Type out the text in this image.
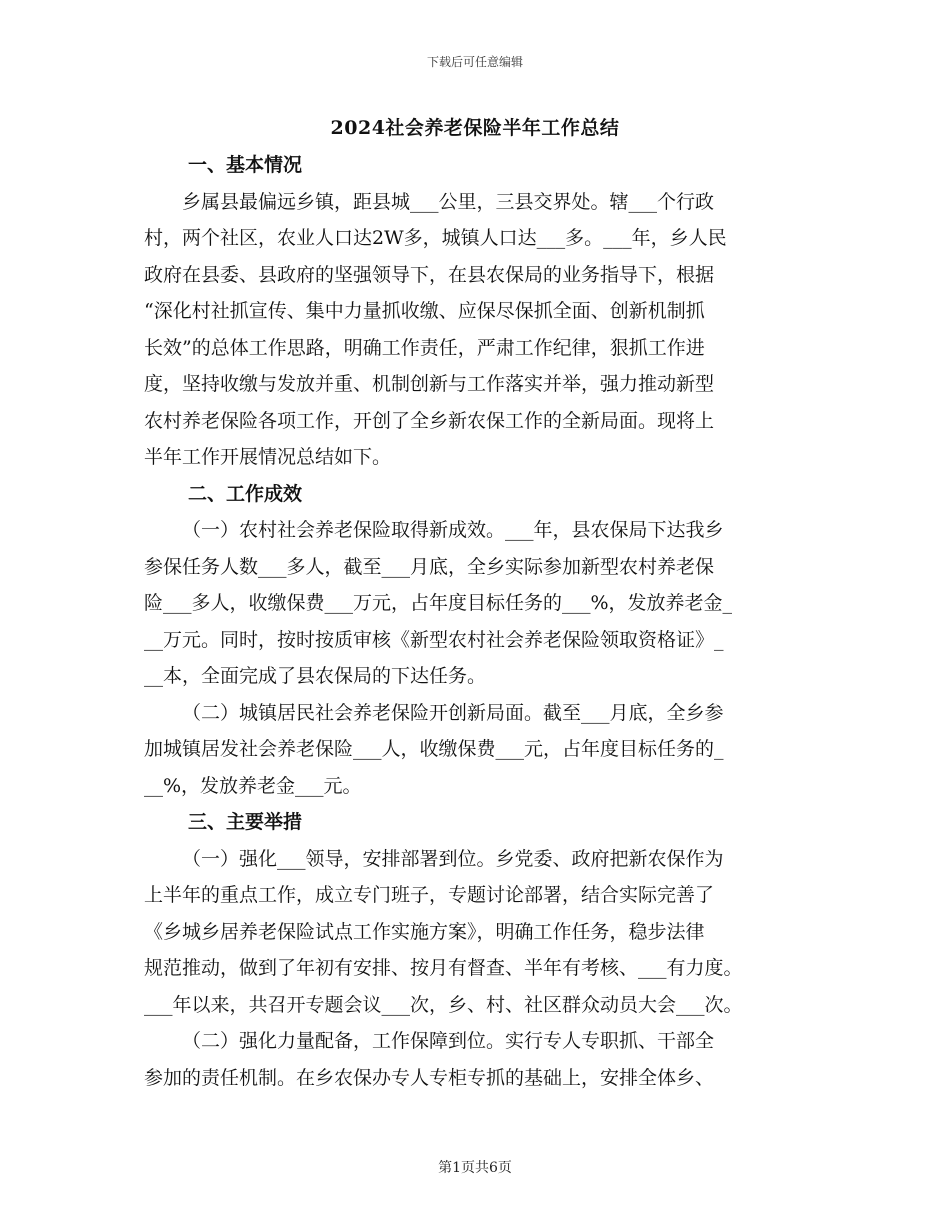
下载后可任意编辑
2024社会养老保险半年工作总结
一、基本情况
乡属县最偏远乡镇，距县城___公里，三县交界处。辖___个行政
村，两个社区，农业人口达2W多，城镇人口达___多。___年，乡人民
政府在县委、县政府的坚强领导下，在县农保局的业务指导下，根据
“深化村社抓宣传、集中力量抓收缴、应保尽保抓全面、创新机制抓
长效”的总体工作思路，明确工作责任，严肃工作纪律，狠抓工作进
度，坚持收缴与发放并重、机制创新与工作落实并举，强力推动新型
农村养老保险各项工作，开创了全乡新农保工作的全新局面。现将上
半年工作开展情况总结如下。
二、工作成效
（一）农村社会养老保险取得新成效。___年，县农保局下达我乡
参保任务人数___多人，截至___月底，全乡实际参加新型农村养老保
险___多人，收缴保费___万元，占年度目标任务的___%，发放养老金_
__万元。同时，按时按质审核《新型农村社会养老保险领取资格证》_
__本，全面完成了县农保局的下达任务。
（二）城镇居民社会养老保险开创新局面。截至___月底，全乡参
加城镇居发社会养老保险___人，收缴保费___元，占年度目标任务的_
__%，发放养老金___元。
三、主要举措
（一）强化___领导，安排部署到位。乡党委、政府把新农保作为
上半年的重点工作，成立专门班子，专题讨论部署，结合实际完善了
《乡城乡居养老保险试点工作实施方案》，明确工作任务，稳步法律
规范推动，做到了年初有安排、按月有督查、半年有考核、___有力度。
___年以来，共召开专题会议___次，乡、村、社区群众动员大会___次。
（二）强化力量配备，工作保障到位。实行专人专职抓、干部全
参加的责任机制。在乡农保办专人专柜专抓的基础上，安排全体乡、
第1页共6页
